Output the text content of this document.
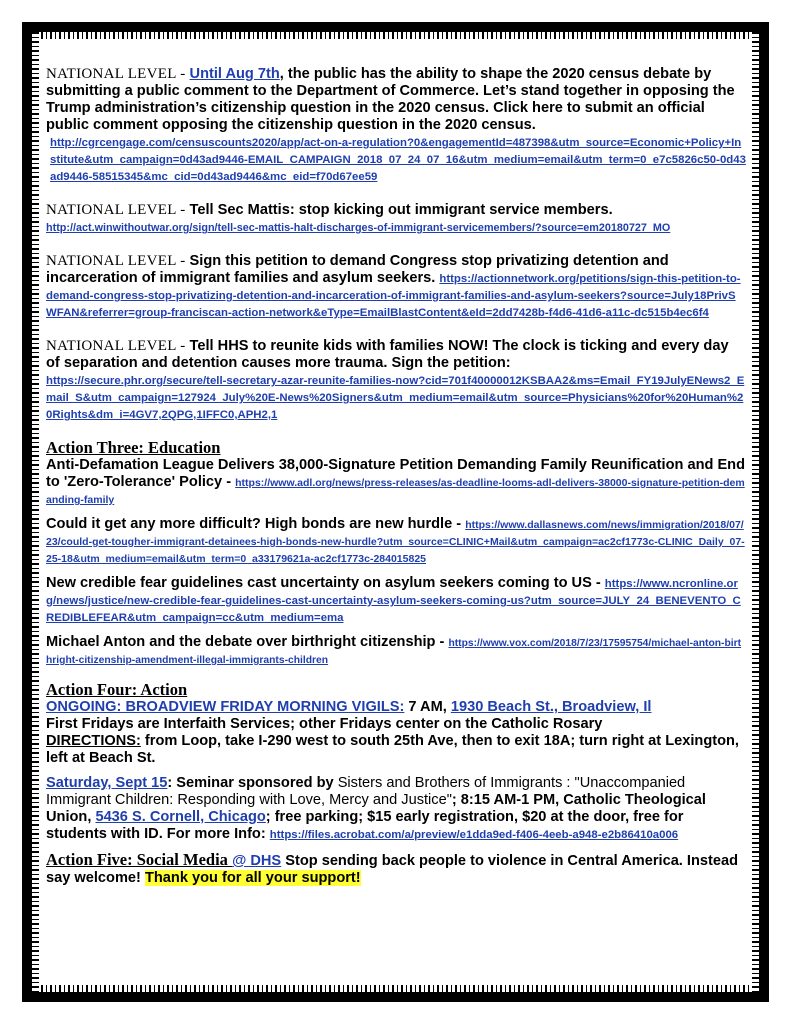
NATIONAL LEVEL - Until Aug 7th, the public has the ability to shape the 2020 census debate by submitting a public comment to the Department of Commerce. Let’s stand together in opposing the Trump administration’s citizenship question in the 2020 census. Click here to submit an official public comment opposing the citizenship question in the 2020 census.

http://cgrcengage.com/censuscounts2020/app/act-on-a-regulation?0&engagementId=487398&utm_source=Economic+Policy+Institute&utm_campaign=0d43ad9446-EMAIL_CAMPAIGN_2018_07_24_07_16&utm_medium=email&utm_term=0_e7c5826c50-0d43ad9446-58515345&mc_cid=0d43ad9446&mc_eid=f70d67ee59

NATIONAL LEVEL - Tell Sec Mattis: stop kicking out immigrant service members.

http://act.winwithoutwar.org/sign/tell-sec-mattis-halt-discharges-of-immigrant-servicemembers/?source=em20180727_MO

NATIONAL LEVEL - Sign this petition to demand Congress stop privatizing detention and incarceration of immigrant families and asylum seekers. https://actionnetwork.org/petitions/sign-this-petition-to-demand-congress-stop-privatizing-detention-and-incarceration-of-immigrant-families-and-asylum-seekers?source=July18PrivSWFAN&referrer=group-franciscan-action-network&eType=EmailBlastContent&eId=2dd7428b-f4d6-41d6-a11c-dc515b4ec6f4

NATIONAL LEVEL - Tell HHS to reunite kids with families NOW! The clock is ticking and every day of separation and detention causes more trauma. Sign the petition:

https://secure.phr.org/secure/tell-secretary-azar-reunite-families-now?cid=701f40000012KSBAA2&ms=Email_FY19JulyENews2_Email_S&utm_campaign=127924_July%20E-News%20Signers&utm_medium=email&utm_source=Physicians%20for%20Human%20Rights&dm_i=4GV7,2QPG,1IFFC0,APH2,1

Action Three: Education

Anti-Defamation League Delivers 38,000-Signature Petition Demanding Family Reunification and End to 'Zero-Tolerance' Policy - https://www.adl.org/news/press-releases/as-deadline-looms-adl-delivers-38000-signature-petition-demanding-family

Could it get any more difficult? High bonds are new hurdle - https://www.dallasnews.com/news/immigration/2018/07/23/could-get-tougher-immigrant-detainees-high-bonds-new-hurdle?utm_source=CLINIC+Mail&utm_campaign=ac2cf1773c-CLINIC_Daily_07-25-18&utm_medium=email&utm_term=0_a33179621a-ac2cf1773c-284015825

New credible fear guidelines cast uncertainty on asylum seekers coming to US - https://www.ncronline.org/news/justice/new-credible-fear-guidelines-cast-uncertainty-asylum-seekers-coming-us?utm_source=JULY_24_BENEVENTO_CREDIBLEFEAR&utm_campaign=cc&utm_medium=ema

Michael Anton and the debate over birthright citizenship - https://www.vox.com/2018/7/23/17595754/michael-anton-birthright-citizenship-amendment-illegal-immigrants-children

Action Four: Action

ONGOING: BROADVIEW FRIDAY MORNING VIGILS: 7 AM, 1930 Beach St., Broadview, Il

First Fridays are Interfaith Services; other Fridays center on the Catholic Rosary

DIRECTIONS: from Loop, take I-290 west to south 25th Ave, then to exit 18A; turn right at Lexington, left at Beach St.

Saturday, Sept 15: Seminar sponsored by Sisters and Brothers of Immigrants : "Unaccompanied Immigrant Children: Responding with Love, Mercy and Justice"; 8:15 AM-1 PM, Catholic Theological Union, 5436 S. Cornell, Chicago; free parking; $15 early registration, $20 at the door, free for students with ID. For more Info: https://files.acrobat.com/a/preview/e1dda9ed-f406-4eeb-a948-e2b86410a006

Action Five: Social Media @ DHS Stop sending back people to violence in Central America. Instead say welcome! Thank you for all your support!
